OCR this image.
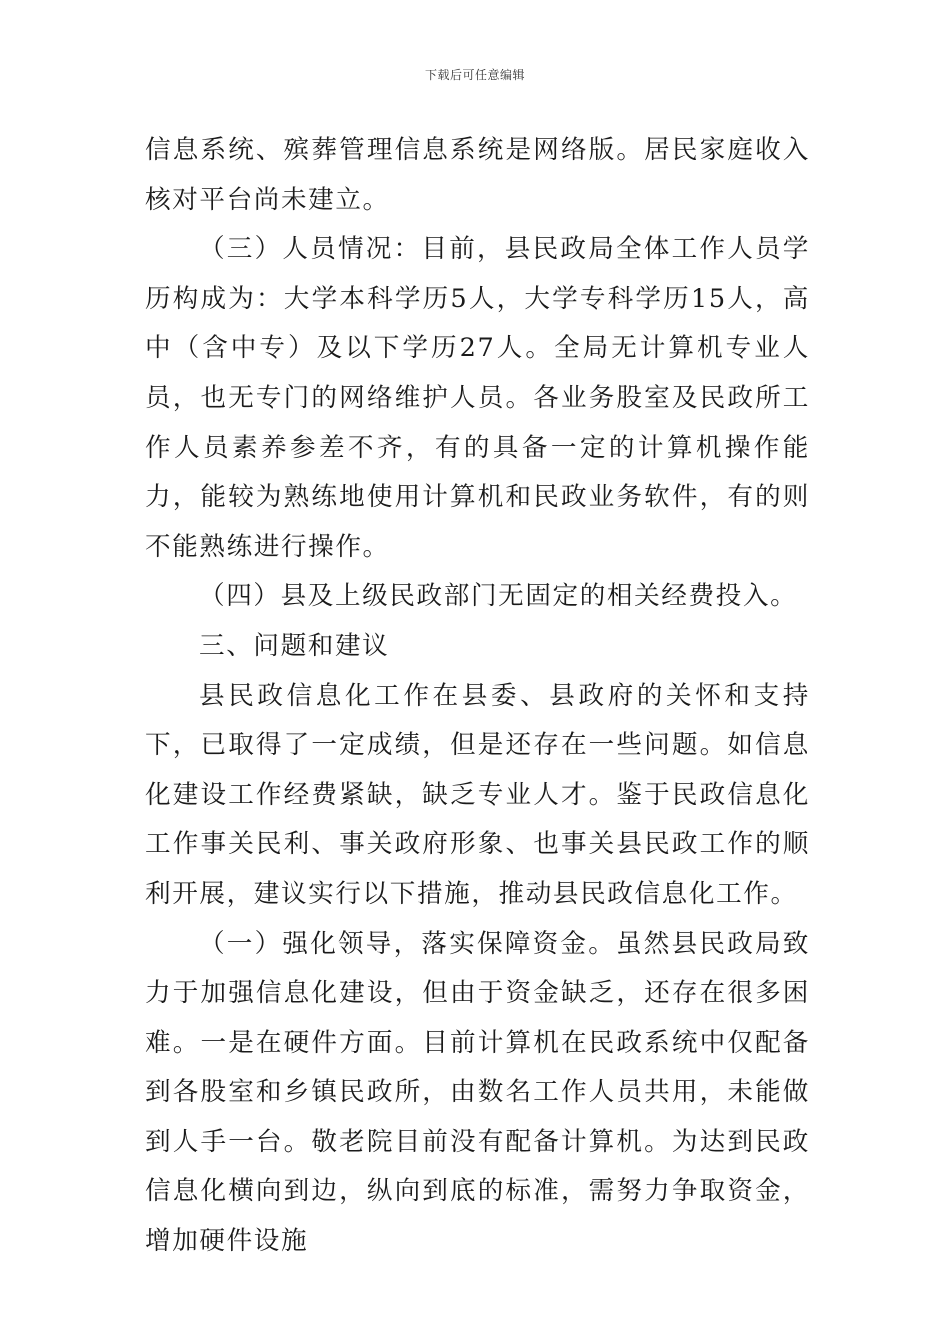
下载后可任意编辑

信息系统、殡葬管理信息系统是网络版。居民家庭收入核对平台尚未建立。

（三）人员情况：目前，县民政局全体工作人员学历构成为：大学本科学历5人，大学专科学历15人，高中（含中专）及以下学历27人。全局无计算机专业人员，也无专门的网络维护人员。各业务股室及民政所工作人员素养参差不齐，有的具备一定的计算机操作能力，能较为熟练地使用计算机和民政业务软件，有的则不能熟练进行操作。

（四）县及上级民政部门无固定的相关经费投入。

三、问题和建议

县民政信息化工作在县委、县政府的关怀和支持下，已取得了一定成绩，但是还存在一些问题。如信息化建设工作经费紧缺，缺乏专业人才。鉴于民政信息化工作事关民利、事关政府形象、也事关县民政工作的顺利开展，建议实行以下措施，推动县民政信息化工作。

（一）强化领导，落实保障资金。虽然县民政局致力于加强信息化建设，但由于资金缺乏，还存在很多困难。一是在硬件方面。目前计算机在民政系统中仅配备到各股室和乡镇民政所，由数名工作人员共用，未能做到人手一台。敬老院目前没有配备计算机。为达到民政信息化横向到边，纵向到底的标准，需努力争取资金，增加硬件设施
